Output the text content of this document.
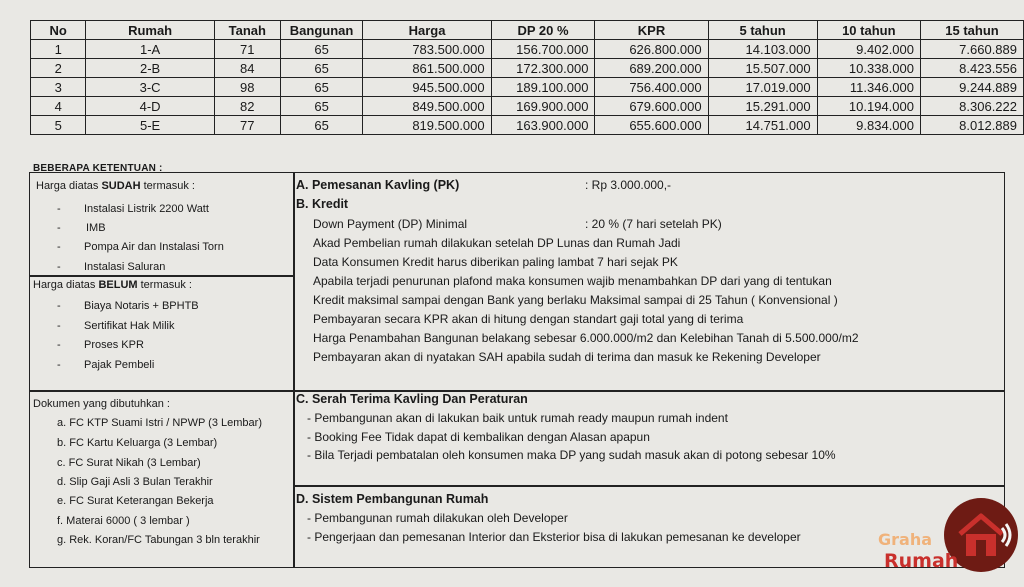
No	Rumah	Tanah	Bangunan	Harga	DP 20 %	KPR	5 tahun	10 tahun	15 tahun
1	1-A	71	65	783.500.000	156.700.000	626.800.000	14.103.000	9.402.000	7.660.889
2	2-B	84	65	861.500.000	172.300.000	689.200.000	15.507.000	10.338.000	8.423.556
3	3-C	98	65	945.500.000	189.100.000	756.400.000	17.019.000	11.346.000	9.244.889
4	4-D	82	65	849.500.000	169.900.000	679.600.000	15.291.000	10.194.000	8.306.222
5	5-E	77	65	819.500.000	163.900.000	655.600.000	14.751.000	9.834.000	8.012.889
BEBERAPA KETENTUAN :
Harga diatas SUDAH termasuk :
- Instalasi Listrik 2200 Watt
- IMB
- Pompa Air dan Instalasi Torn
- Instalasi Saluran
Harga diatas BELUM termasuk :
- Biaya Notaris + BPHTB
- Sertifikat Hak Milik
- Proses KPR
- Pajak Pembeli
Dokumen yang dibutuhkan :
a. FC KTP Suami Istri / NPWP (3 Lembar)
b. FC Kartu Keluarga (3 Lembar)
c. FC Surat Nikah (3 Lembar)
d. Slip Gaji Asli 3 Bulan Terakhir
e. FC Surat Keterangan Bekerja
f. Materai 6000 ( 3 lembar )
g. Rek. Koran/FC Tabungan 3 bln terakhir
A. Pemesanan Kavling (PK)	: Rp 3.000.000,-
B. Kredit
Down Payment (DP) Minimal	: 20 % (7 hari setelah PK)
Akad Pembelian rumah dilakukan setelah DP Lunas dan Rumah Jadi
Data Konsumen Kredit harus diberikan paling lambat 7 hari sejak PK
Apabila terjadi penurunan plafond maka konsumen wajib menambahkan DP dari yang di tentukan
Kredit maksimal sampai dengan Bank yang berlaku Maksimal sampai di 25 Tahun ( Konvensional )
Pembayaran secara KPR akan di hitung dengan standart gaji total yang di terima
Harga Penambahan Bangunan belakang sebesar 6.000.000/m2 dan Kelebihan Tanah di 5.500.000/m2
Pembayaran akan di nyatakan SAH apabila sudah di terima dan masuk ke Rekening Developer
C. Serah Terima Kavling Dan Peraturan
- Pembangunan akan di lakukan baik untuk rumah ready maupun rumah indent
- Booking Fee Tidak dapat di kembalikan dengan Alasan apapun
- Bila Terjadi pembatalan oleh konsumen maka DP yang sudah masuk akan di potong sebesar 10%
D. Sistem Pembangunan Rumah
- Pembangunan rumah dilakukan oleh Developer
- Pengerjaan dan pemesanan Interior dan Eksterior bisa di lakukan pemesanan ke developer	Graha
Rumah
